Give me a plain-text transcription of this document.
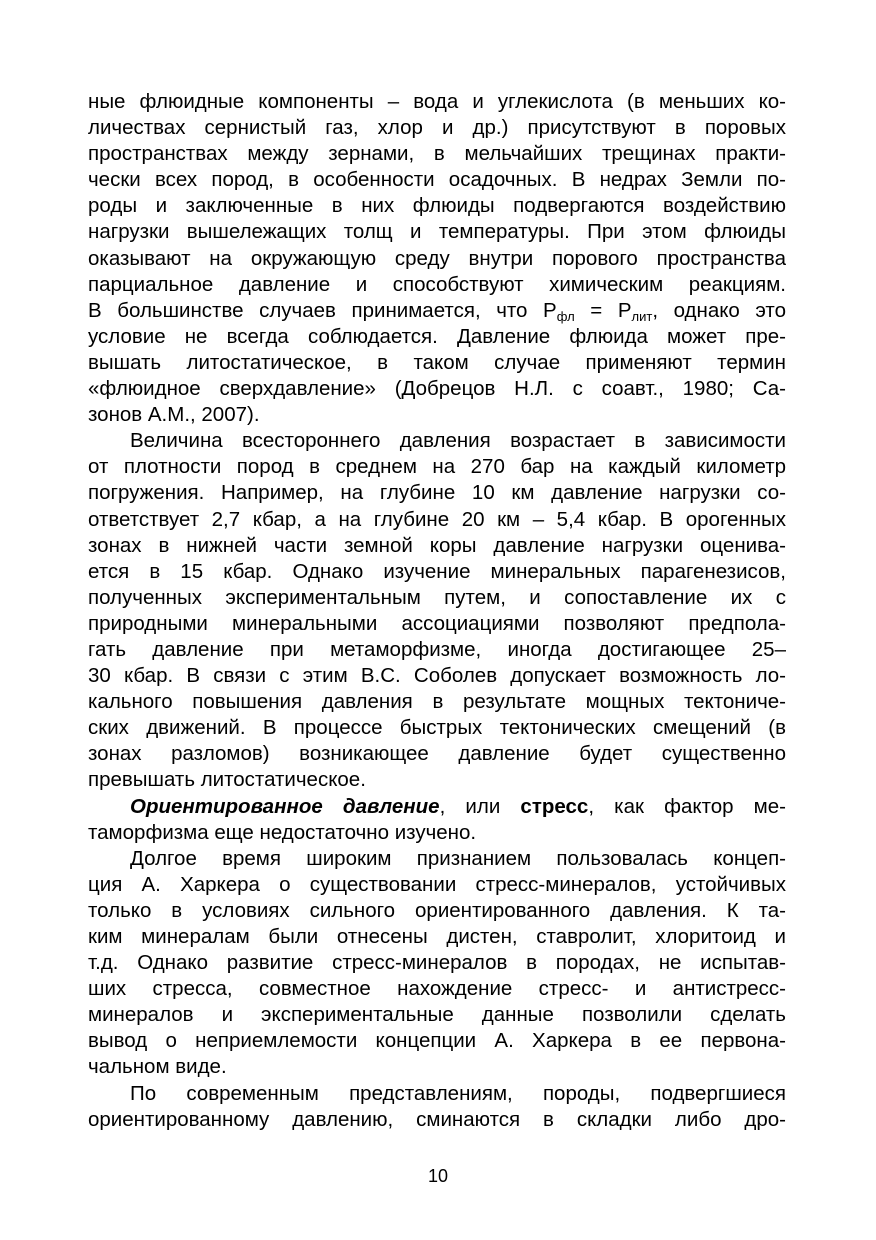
ные флюидные компоненты – вода и углекислота (в меньших ко-
личествах сернистый газ, хлор и др.) присутствуют в поровых
пространствах между зернами, в мельчайших трещинах практи-
чески всех пород, в особенности осадочных. В недрах Земли по-
роды и заключенные в них флюиды подвергаются воздействию
нагрузки вышележащих толщ и температуры. При этом флюиды
оказывают на окружающую среду внутри порового пространства
парциальное давление и способствуют химическим реакциям.
В большинстве случаев принимается, что $P_{фл} = P_{лит}$, однако это
условие не всегда соблюдается. Давление флюида может пре-
вышать литостатическое, в таком случае применяют термин
«флюидное сверхдавление» (Добрецов Н.Л. с соавт., 1980; Са-
зонов А.М., 2007).
Величина всестороннего давления возрастает в зависимости
от плотности пород в среднем на 270 бар на каждый километр
погружения. Например, на глубине 10 км давление нагрузки со-
ответствует 2,7 кбар, а на глубине 20 км – 5,4 кбар. В орогенных
зонах в нижней части земной коры давление нагрузки оценива-
ется в 15 кбар. Однако изучение минеральных парагенезисов,
полученных экспериментальным путем, и сопоставление их с
природными минеральными ассоциациями позволяют предпола-
гать давление при метаморфизме, иногда достигающее 25–
30 кбар. В связи с этим В.С. Соболев допускает возможность ло-
кального повышения давления в результате мощных тектониче-
ских движений. В процессе быстрых тектонических смещений (в
зонах разломов) возникающее давление будет существенно
превышать литостатическое.
Ориентированное давление, или стресс, как фактор ме-
таморфизма еще недостаточно изучено.
Долгое время широким признанием пользовалась концеп-
ция А. Харкера о существовании стресс-минералов, устойчивых
только в условиях сильного ориентированного давления. К та-
ким минералам были отнесены дистен, ставролит, хлоритоид и
т.д. Однако развитие стресс-минералов в породах, не испытав-
ших стресса, совместное нахождение стресс- и антистресс-
минералов и экспериментальные данные позволили сделать
вывод о неприемлемости концепции А. Харкера в ее первона-
чальном виде.
По современным представлениям, породы, подвергшиеся
ориентированному давлению, сминаются в складки либо дро-
10
